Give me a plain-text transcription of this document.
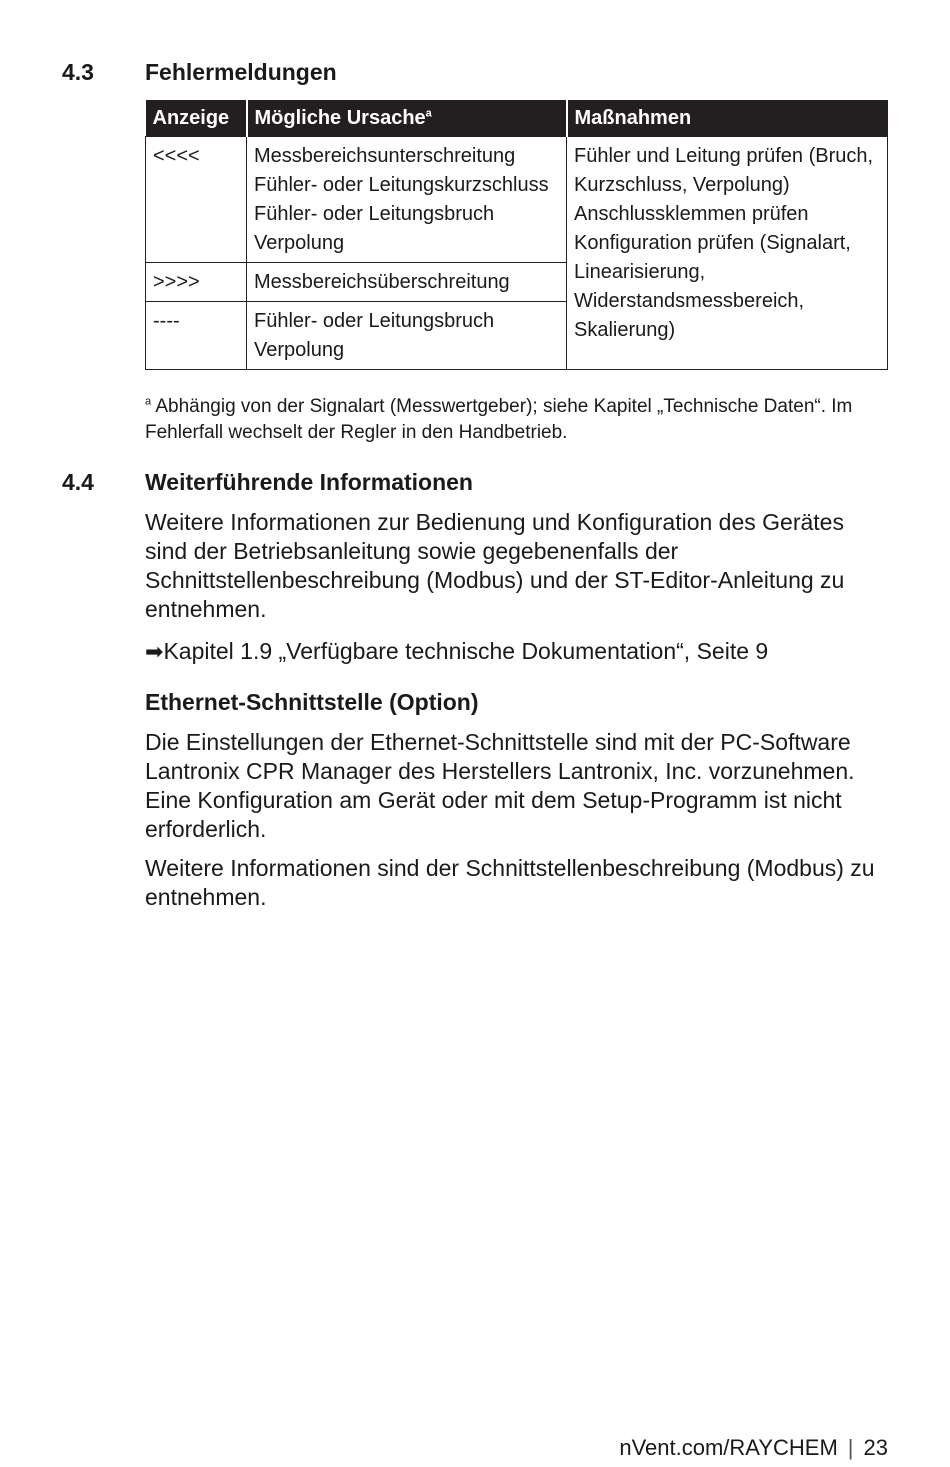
4.3 Fehlermeldungen
Anzeige	Mögliche Ursache$^a$	Maßnahmen
<<<<	Messbereichsunterschreitung Fühler- oder Leitungskurzschluss Fühler- oder Leitungsbruch Verpolung	Fühler und Leitung prüfen (Bruch, Kurzschluss, Verpolung) Anschlussklemmen prüfen Konfiguration prüfen (Signalart, Linearisierung, Widerstandsmessbereich, Skalierung)
>>>>	Messbereichsüberschreitung	
----	Fühler- oder Leitungsbruch Verpolung	
$^a$ Abhängig von der Signalart (Messwertgeber); siehe Kapitel „Technische Daten“. Im Fehlerfall wechselt der Regler in den Handbetrieb.
4.4 Weiterführende Informationen

Weitere Informationen zur Bedienung und Konfiguration des Gerätes sind der Betriebsanleitung sowie gegebenenfalls der Schnittstellenbeschreibung (Modbus) und der ST-Editor-Anleitung zu entnehmen.

➡Kapitel 1.9 „Verfügbare technische Dokumentation“, Seite 9
Ethernet-Schnittstelle (Option)

Die Einstellungen der Ethernet-Schnittstelle sind mit der PC-Software Lantronix CPR Manager des Herstellers Lantronix, Inc. vorzunehmen. Eine Konfiguration am Gerät oder mit dem Setup-Programm ist nicht erforderlich.

Weitere Informationen sind der Schnittstellenbeschreibung (Modbus) zu entnehmen.

nVent.com/RAYCHEM | 23
